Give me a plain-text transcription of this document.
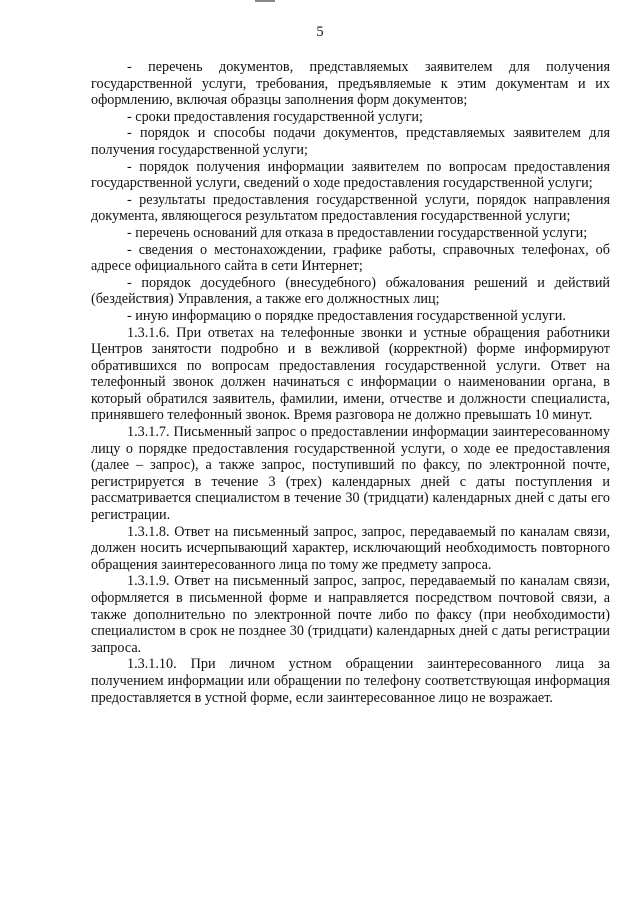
5

- перечень документов, представляемых заявителем для получения государственной услуги, требования, предъявляемые к этим документам и их оформлению, включая образцы заполнения форм документов;

- сроки предоставления государственной услуги;

- порядок и способы подачи документов, представляемых заявителем для получения государственной услуги;

- порядок получения информации заявителем по вопросам предоставления государственной услуги, сведений о ходе предоставления государственной услуги;

- результаты предоставления государственной услуги, порядок направления документа, являющегося результатом предоставления государственной услуги;

- перечень оснований для отказа в предоставлении государственной услуги;

- сведения о местонахождении, графике работы, справочных телефонах, об адресе официального сайта в сети Интернет;

- порядок досудебного (внесудебного) обжалования решений и действий (бездействия) Управления, а также его должностных лиц;

- иную информацию о порядке предоставления государственной услуги.

1.3.1.6. При ответах на телефонные звонки и устные обращения работники Центров занятости подробно и в вежливой (корректной) форме информируют обратившихся по вопросам предоставления государственной услуги. Ответ на телефонный звонок должен начинаться с информации о наименовании органа, в который обратился заявитель, фамилии, имени, отчестве и должности специалиста, принявшего телефонный звонок. Время разговора не должно превышать 10 минут.

1.3.1.7. Письменный запрос о предоставлении информации заинтересованному лицу о порядке предоставления государственной услуги, о ходе ее предоставления (далее – запрос), а также запрос, поступивший по факсу, по электронной почте, регистрируется в течение 3 (трех) календарных дней с даты поступления и рассматривается специалистом в течение 30 (тридцати) календарных дней с даты его регистрации.

1.3.1.8. Ответ на письменный запрос, запрос, передаваемый по каналам связи, должен носить исчерпывающий характер, исключающий необходимость повторного обращения заинтересованного лица по тому же предмету запроса.

1.3.1.9. Ответ на письменный запрос, запрос, передаваемый по каналам связи, оформляется в письменной форме и направляется посредством почтовой связи, а также дополнительно по электронной почте либо по факсу (при необходимости) специалистом в срок не позднее 30 (тридцати) календарных дней с даты регистрации запроса.

1.3.1.10. При личном устном обращении заинтересованного лица за получением информации или обращении по телефону соответствующая информация предоставляется в устной форме, если заинтересованное лицо не возражает.
